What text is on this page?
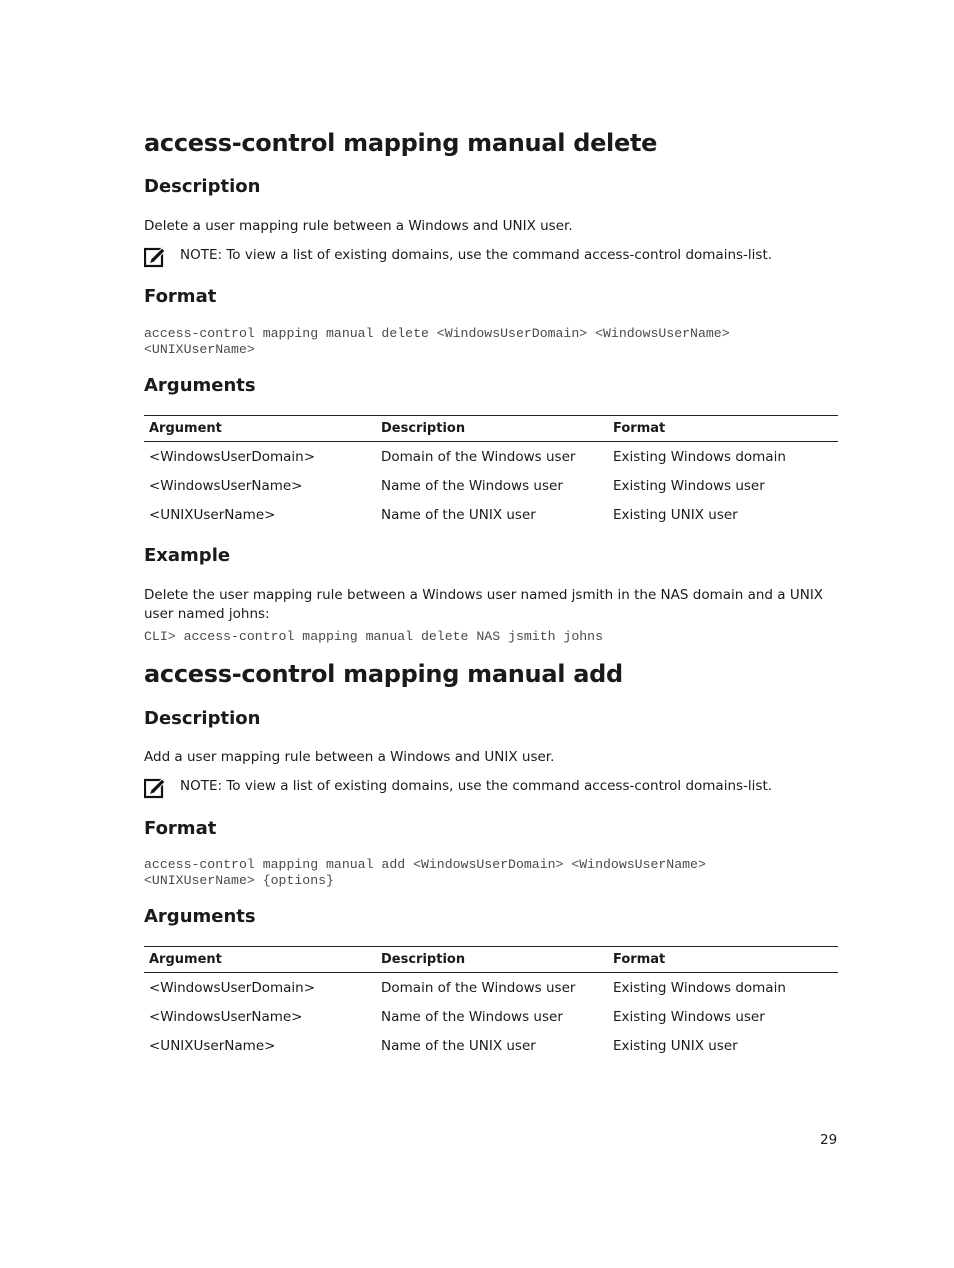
access-control mapping manual delete
Description

Delete a user mapping rule between a Windows and UNIX user.

NOTE: To view a list of existing domains, use the command access-control domains-list.
Format
access-control mapping manual delete <WindowsUserDomain> <WindowsUserName>
<UNIXUserName>
Arguments
Argument	Description	Format
<WindowsUserDomain>	Domain of the Windows user	Existing Windows domain
<WindowsUserName>	Name of the Windows user	Existing Windows user
<UNIXUserName>	Name of the UNIX user	Existing UNIX user
Example

Delete the user mapping rule between a Windows user named jsmith in the NAS domain and a UNIX user named johns:

CLI> access-control mapping manual delete NAS jsmith johns
access-control mapping manual add
Description

Add a user mapping rule between a Windows and UNIX user.

NOTE: To view a list of existing domains, use the command access-control domains-list.
Format
access-control mapping manual add <WindowsUserDomain> <WindowsUserName>
<UNIXUserName> {options}
Arguments
Argument	Description	Format
<WindowsUserDomain>	Domain of the Windows user	Existing Windows domain
<WindowsUserName>	Name of the Windows user	Existing Windows user
<UNIXUserName>	Name of the UNIX user	Existing UNIX user
29
